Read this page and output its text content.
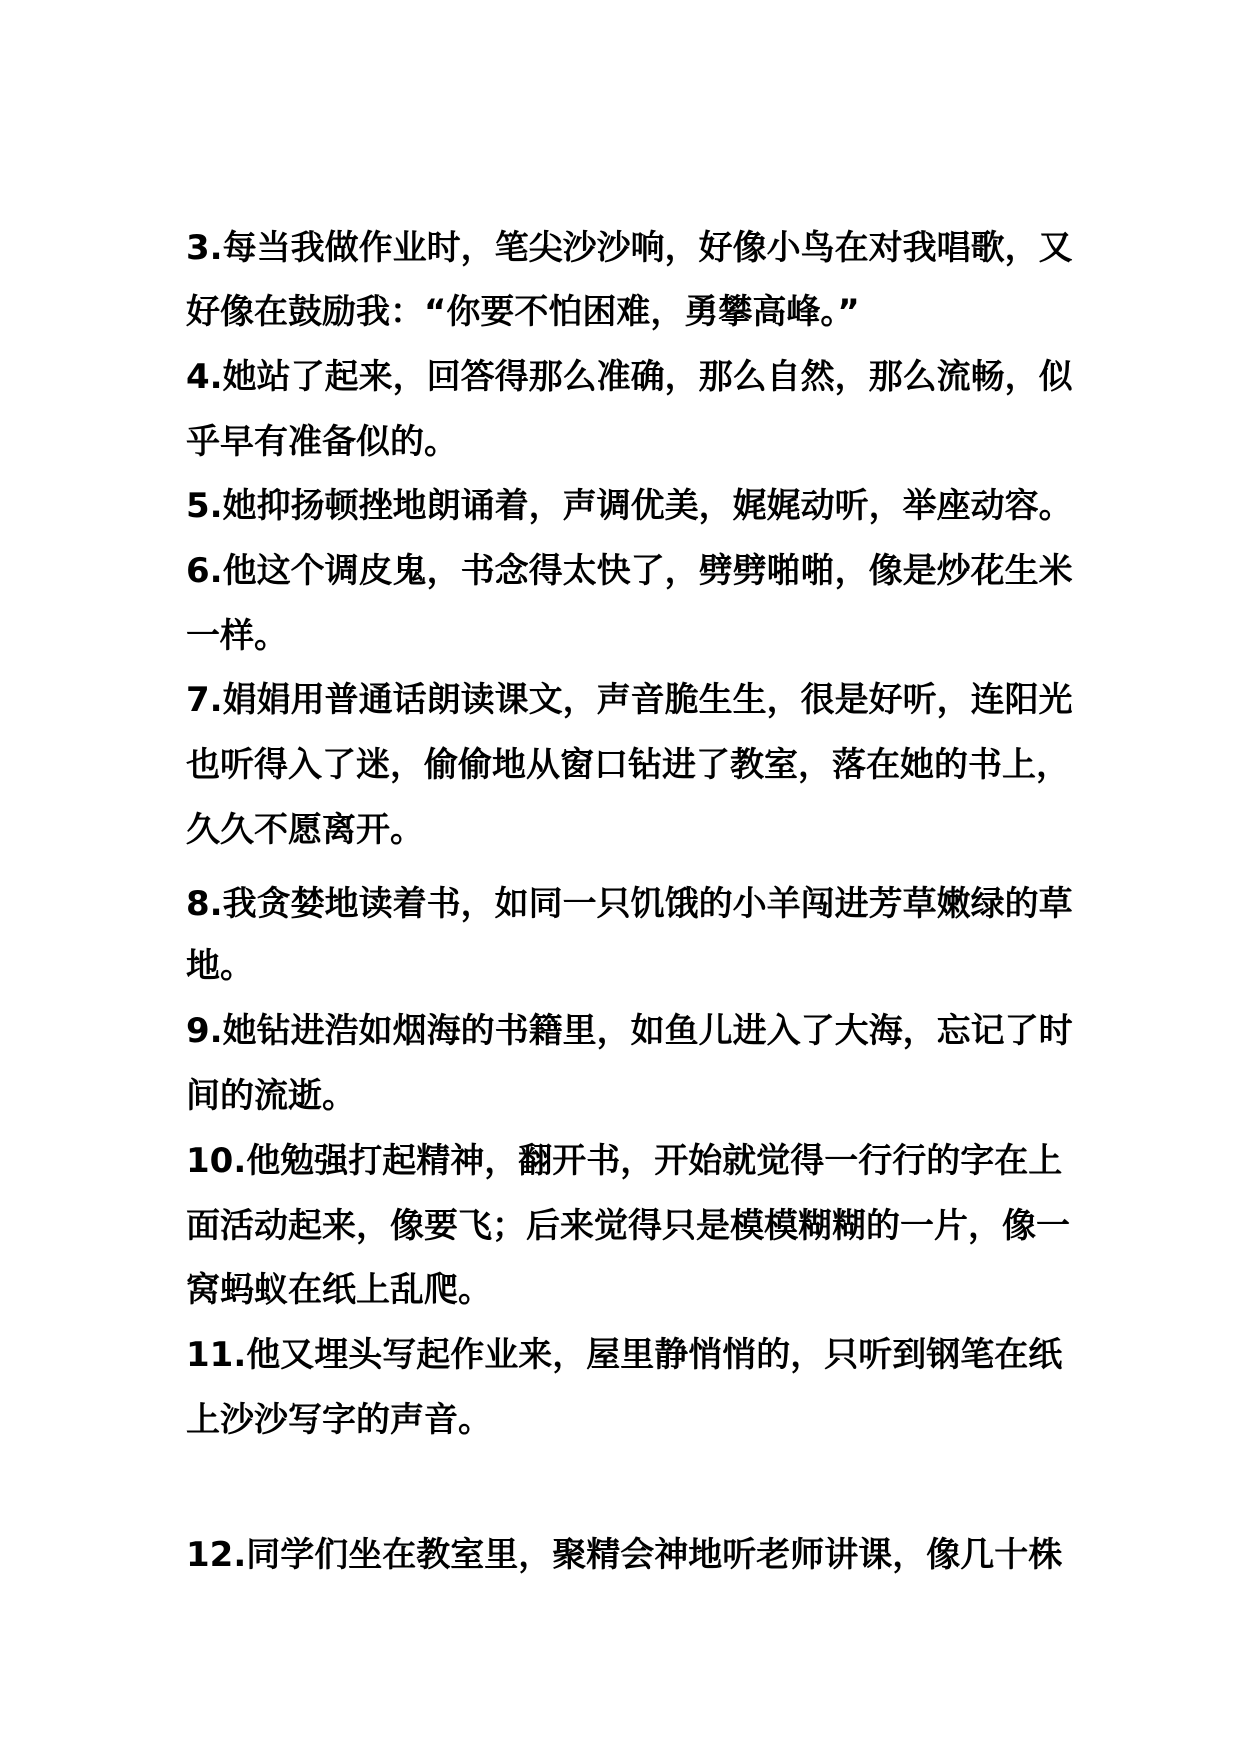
3.每当我做作业时，笔尖沙沙响，好像小鸟在对我唱歌，又
好像在鼓励我：“你要不怕困难，勇攀高峰。”
4.她站了起来，回答得那么准确，那么自然，那么流畅，似
乎早有准备似的。
5.她抑扬顿挫地朗诵着，声调优美，娓娓动听，举座动容。
6.他这个调皮鬼，书念得太快了，劈劈啪啪，像是炒花生米
一样。
7.娟娟用普通话朗读课文，声音脆生生，很是好听，连阳光
也听得入了迷，偷偷地从窗口钻进了教室，落在她的书上，
久久不愿离开。
8.我贪婪地读着书，如同一只饥饿的小羊闯进芳草嫩绿的草
地。
9.她钻进浩如烟海的书籍里，如鱼儿进入了大海，忘记了时
间的流逝。
10.他勉强打起精神，翻开书，开始就觉得一行行的字在上
面活动起来，像要飞；后来觉得只是模模糊糊的一片，像一
窝蚂蚁在纸上乱爬。
11.他又埋头写起作业来，屋里静悄悄的，只听到钢笔在纸
上沙沙写字的声音。
12.同学们坐在教室里，聚精会神地听老师讲课，像几十株
